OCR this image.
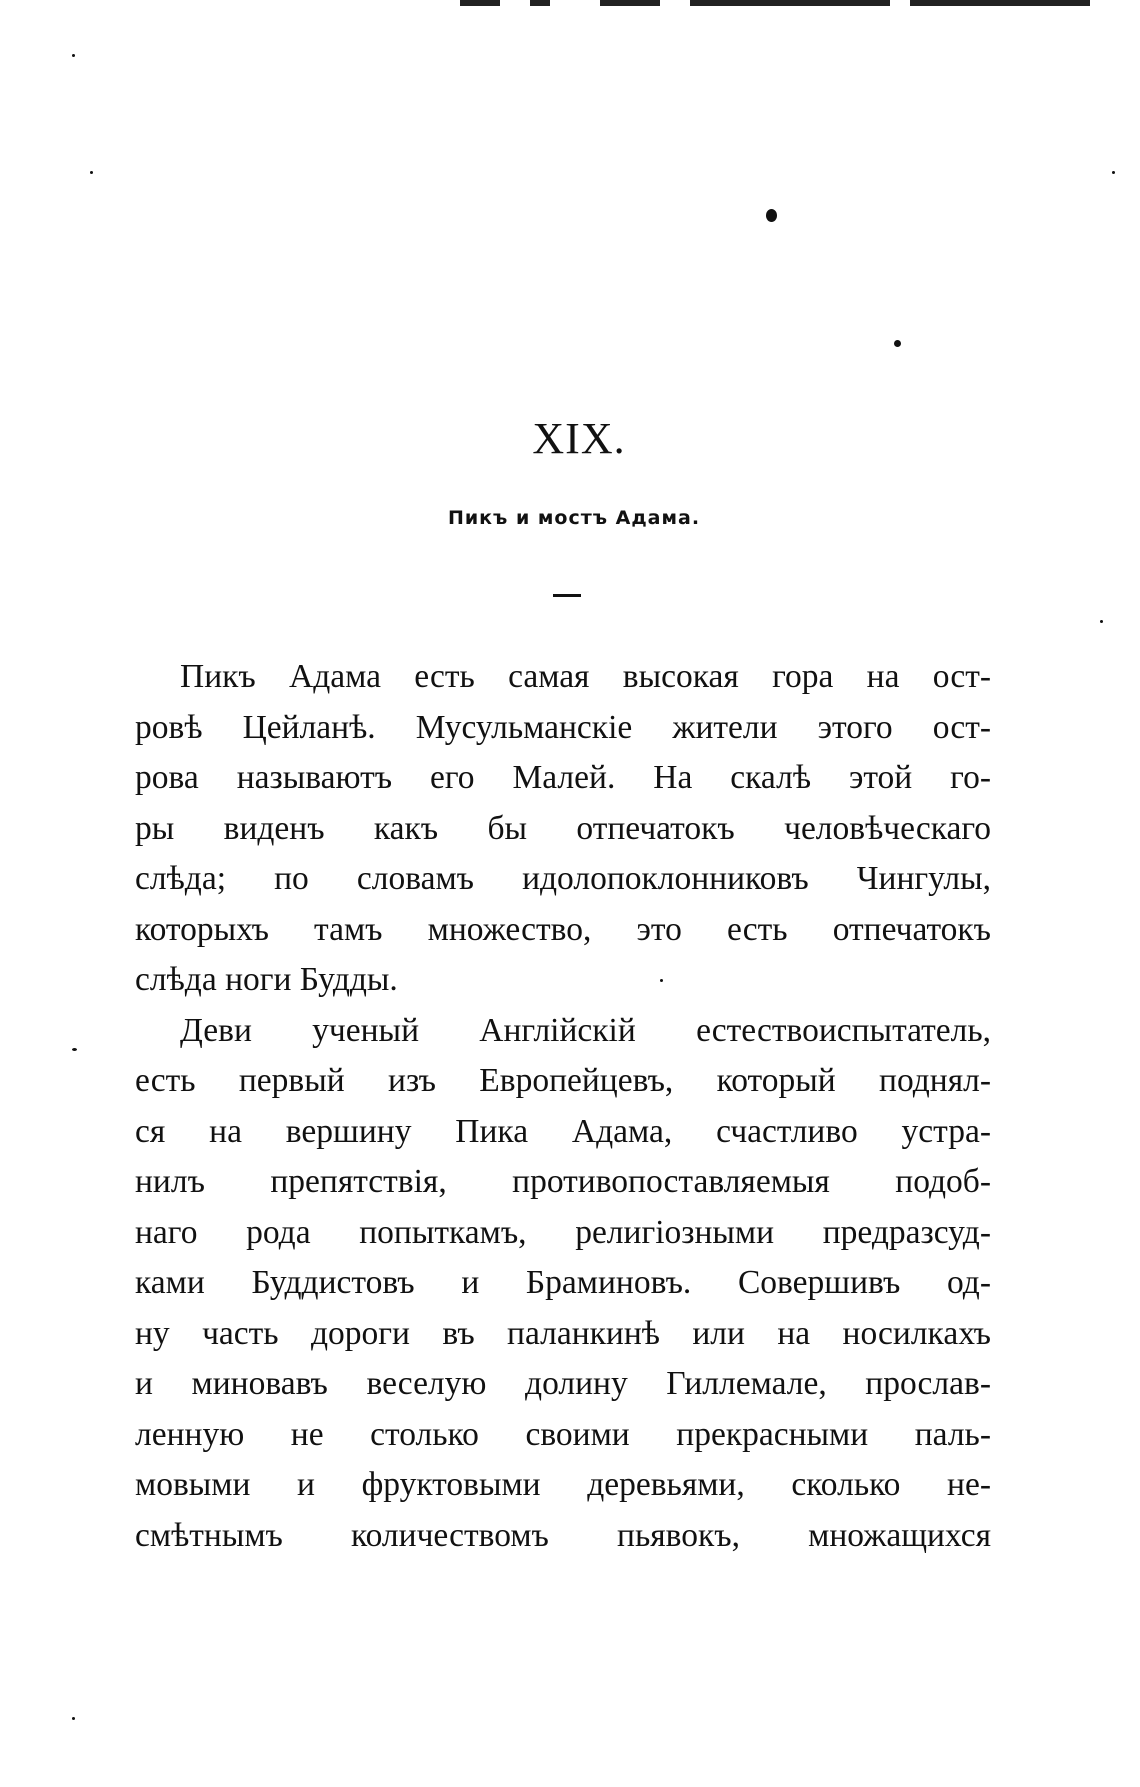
XIX.
Пикъ и мостъ Адама.
Пикъ Адама есть самая высокая гора на ост-
ровѣ Цейланѣ. Мусульманскіе жители этого ост-
рова называютъ его Малей. На скалѣ этой го-
ры виденъ какъ бы отпечатокъ человѣческаго
слѣда; по словамъ идолопоклонниковъ Чингулы,
которыхъ тамъ множество, это есть отпечатокъ
слѣда ноги Будды.
Деви ученый Англійскій естествоиспытатель,
есть первый изъ Европейцевъ, который поднял-
ся на вершину Пика Адама, счастливо устра-
нилъ препятствія, противопоставляемыя подоб-
наго рода попыткамъ, религіозными предразсуд-
ками Буддистовъ и Браминовъ. Совершивъ од-
ну часть дороги въ паланкинѣ или на носилкахъ
и миновавъ веселую долину Гиллемале, прослав-
ленную не столько своими прекрасными паль-
мовыми и фруктовыми деревьями, сколько не-
смѣтнымъ количествомъ пьявокъ, множащихся
